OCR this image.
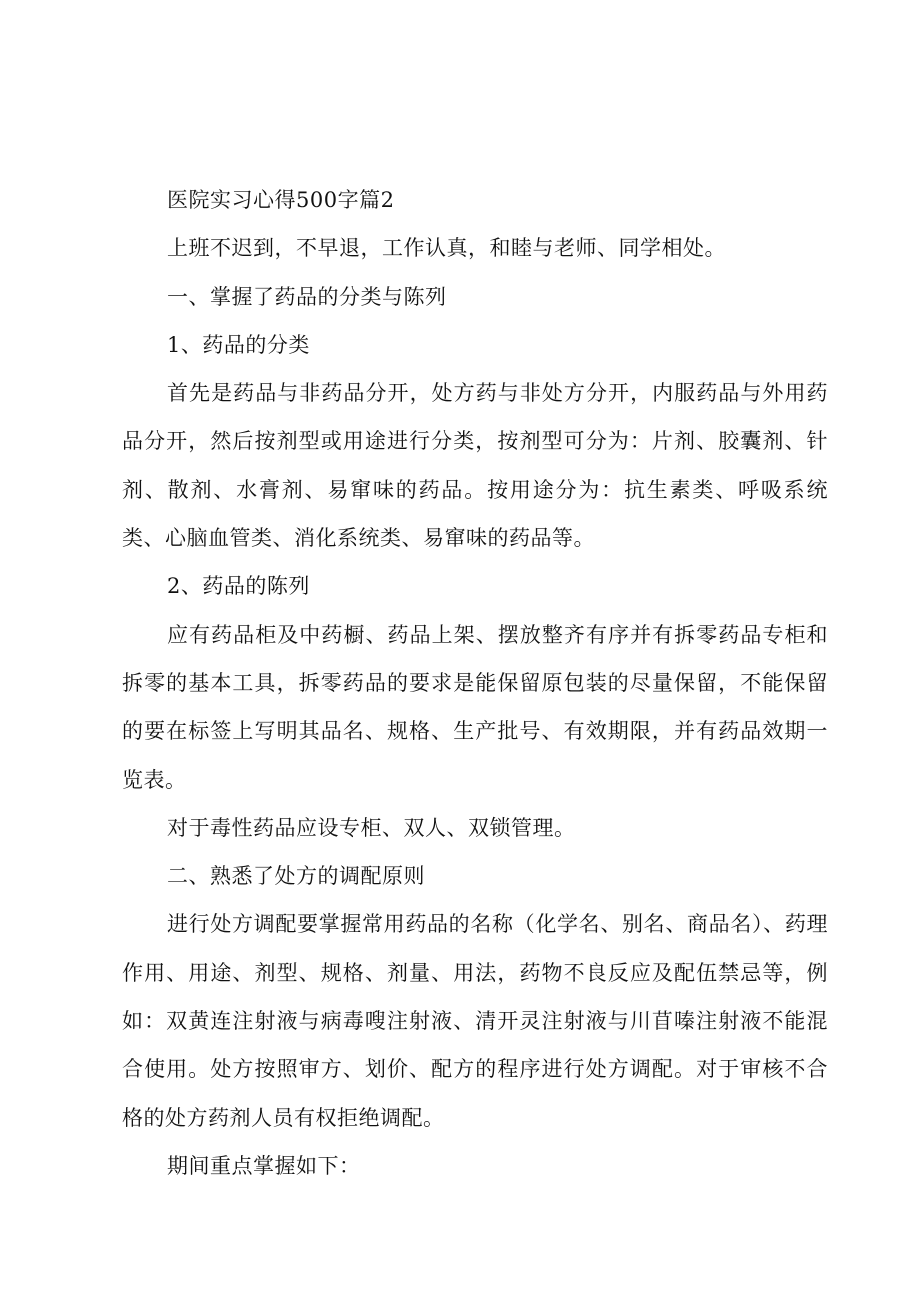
医院实习心得500字篇2

上班不迟到，不早退，工作认真，和睦与老师、同学相处。

一、掌握了药品的分类与陈列

1、药品的分类

首先是药品与非药品分开，处方药与非处方分开，内服药品与外用药品分开，然后按剂型或用途进行分类，按剂型可分为：片剂、胶囊剂、针剂、散剂、水膏剂、易窜味的药品。按用途分为：抗生素类、呼吸系统类、心脑血管类、消化系统类、易窜味的药品等。

2、药品的陈列

应有药品柜及中药橱、药品上架、摆放整齐有序并有拆零药品专柜和拆零的基本工具，拆零药品的要求是能保留原包装的尽量保留，不能保留的要在标签上写明其品名、规格、生产批号、有效期限，并有药品效期一览表。

对于毒性药品应设专柜、双人、双锁管理。

二、熟悉了处方的调配原则

进行处方调配要掌握常用药品的名称（化学名、别名、商品名）、药理作用、用途、剂型、规格、剂量、用法，药物不良反应及配伍禁忌等，例如：双黄连注射液与病毒嗖注射液、清开灵注射液与川苜嗪注射液不能混合使用。处方按照审方、划价、配方的程序进行处方调配。对于审核不合格的处方药剂人员有权拒绝调配。

期间重点掌握如下：
